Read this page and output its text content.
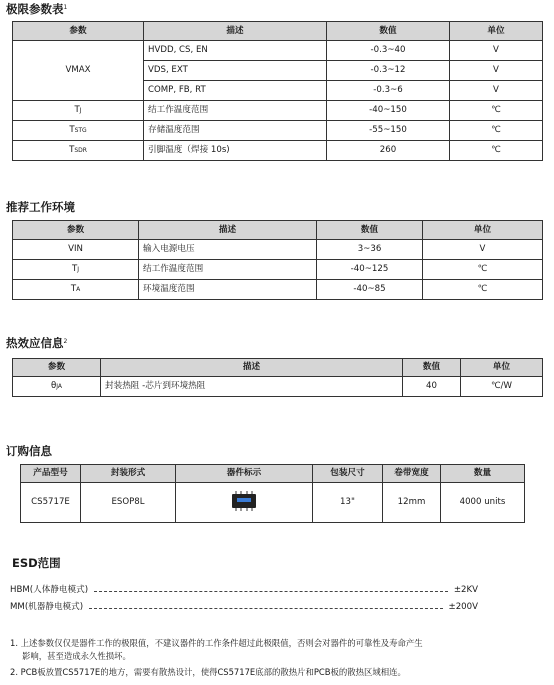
极限参数表$^1$
参数	描述	数值	单位
VMAX	HVDD, CS, EN	-0.3~40	V
	VDS, EXT	-0.3~12	V
	COMP, FB, RT	-0.3~6	V
TJ	结工作温度范围	-40~150	℃
TSTG	存储温度范围	-55~150	℃
TSDR	引脚温度（焊接 10s)	260	℃
推荐工作环境
参数	描述	数值	单位
VIN	输入电源电压	3~36	V
TJ	结工作温度范围	-40~125	℃
TA	环境温度范围	-40~85	℃
热效应信息$^2$
参数	描述	数值	单位
θJA	封装热阻 -芯片到环境热阻	40	℃/W
订购信息
产品型号	封装形式	器件标示	包装尺寸	卷带宽度	数量
CS5717E	ESOP8L		13"	12mm	4000 units
ESD范围
HBM(人体静电模式)	±2KV
MM(机器静电模式)	±200V
1. 上述参数仅仅是器件工作的极限值，不建议器件的工作条件超过此极限值，否则会对器件的可靠性及寿命产生
影响，甚至造成永久性损坏。
2. PCB板放置CS5717E的地方，需要有散热设计，使得CS5717E底部的散热片和PCB板的散热区域相连。
